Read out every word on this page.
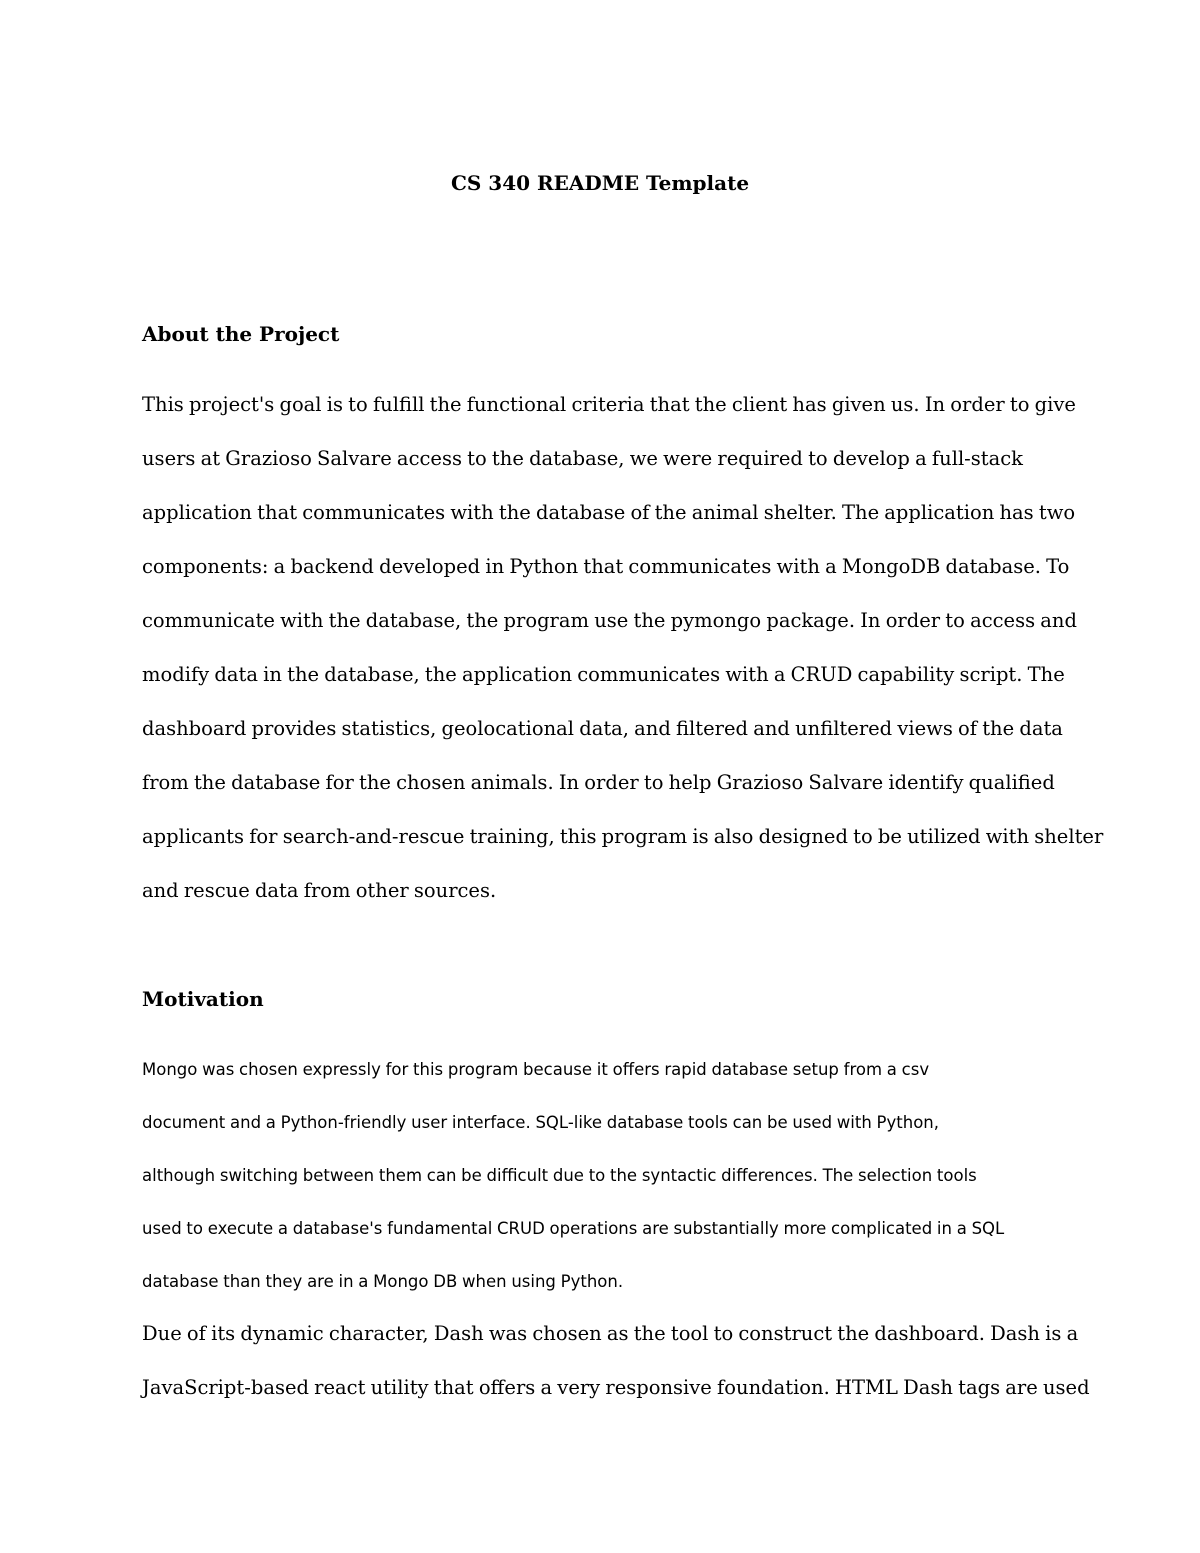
CS 340 README Template
About the Project

This project's goal is to fulfill the functional criteria that the client has given us. In order to give
users at Grazioso Salvare access to the database, we were required to develop a full-stack
application that communicates with the database of the animal shelter. The application has two
components: a backend developed in Python that communicates with a MongoDB database. To
communicate with the database, the program use the pymongo package. In order to access and
modify data in the database, the application communicates with a CRUD capability script. The
dashboard provides statistics, geolocational data, and filtered and unfiltered views of the data
from the database for the chosen animals. In order to help Grazioso Salvare identify qualified
applicants for search-and-rescue training, this program is also designed to be utilized with shelter
and rescue data from other sources.

Motivation

Mongo was chosen expressly for this program because it offers rapid database setup from a csv
document and a Python-friendly user interface. SQL-like database tools can be used with Python,
although switching between them can be difficult due to the syntactic differences. The selection tools
used to execute a database's fundamental CRUD operations are substantially more complicated in a SQL
database than they are in a Mongo DB when using Python.

Due of its dynamic character, Dash was chosen as the tool to construct the dashboard. Dash is a
JavaScript-based react utility that offers a very responsive foundation. HTML Dash tags are used
